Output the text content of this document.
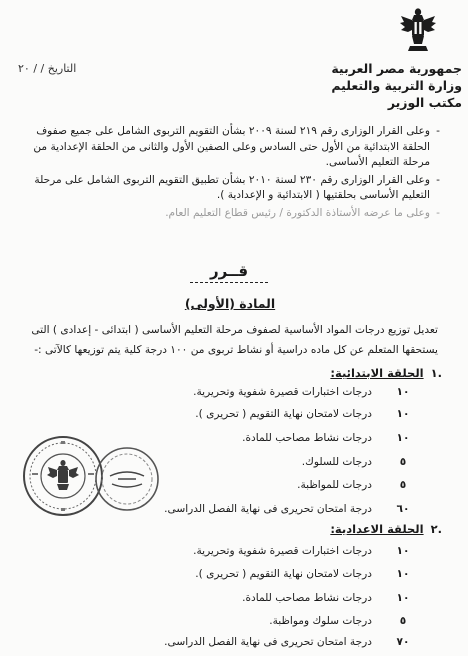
جمهورية مصر العربية
وزارة التربية والتعليم
مكتب الوزير
التاريخ / / ٢٠
- وعلى القرار الوزارى رقم ٢١٩ لسنة ٢٠٠٩ بشأن التقويم التربوى الشامل على جميع صفوف الحلقة الابتدائية من الأول حتى السادس وعلى الصفين الأول والثانى من الحلقة الإعدادية من مرحلة التعليم الأساسى.
- وعلى القرار الوزارى رقم ٢٣٠ لسنة ٢٠١٠ بشأن تطبيق التقويم التربوى الشامل على مرحلة التعليم الأساسى بحلقتيها ( الابتدائية و الإعدادية ).
- وعلى ما عرضه الأستاذة الدكتورة / رئيس قطاع التعليم العام.
قــرر
المادة (الأولى)
تعديل توزيع درجات المواد الأساسية لصفوف مرحلة التعليم الأساسى ( ابتدائى - إعدادى ) التى يستحقها المتعلم عن كل ماده دراسية أو نشاط تربوى من ١٠٠ درجة كلية يتم توزيعها كالآتى :-
.١ الحلقة الابتدائية:
١٠
درجات اختبارات قصيرة شفوية وتحريرية.
١٠
درجات لامتحان نهاية التقويم ( تحريرى ).
١٠
درجات نشاط مصاحب للمادة.
٥
درجات للسلوك.
٥
درجات للمواظبة.
٦٠
درجة امتحان تحريرى فى نهاية الفصل الدراسى.
.٢ الحلقة الاعدادية:
١٠
درجات اختبارات قصيرة شفوية وتحريرية.
١٠
درجات لامتحان نهاية التقويم ( تحريرى ).
١٠
درجات نشاط مصاحب للمادة.
٥
درجات سلوك ومواظبة.
٧٠
درجة امتحان تحريرى فى نهاية الفصل الدراسى.
